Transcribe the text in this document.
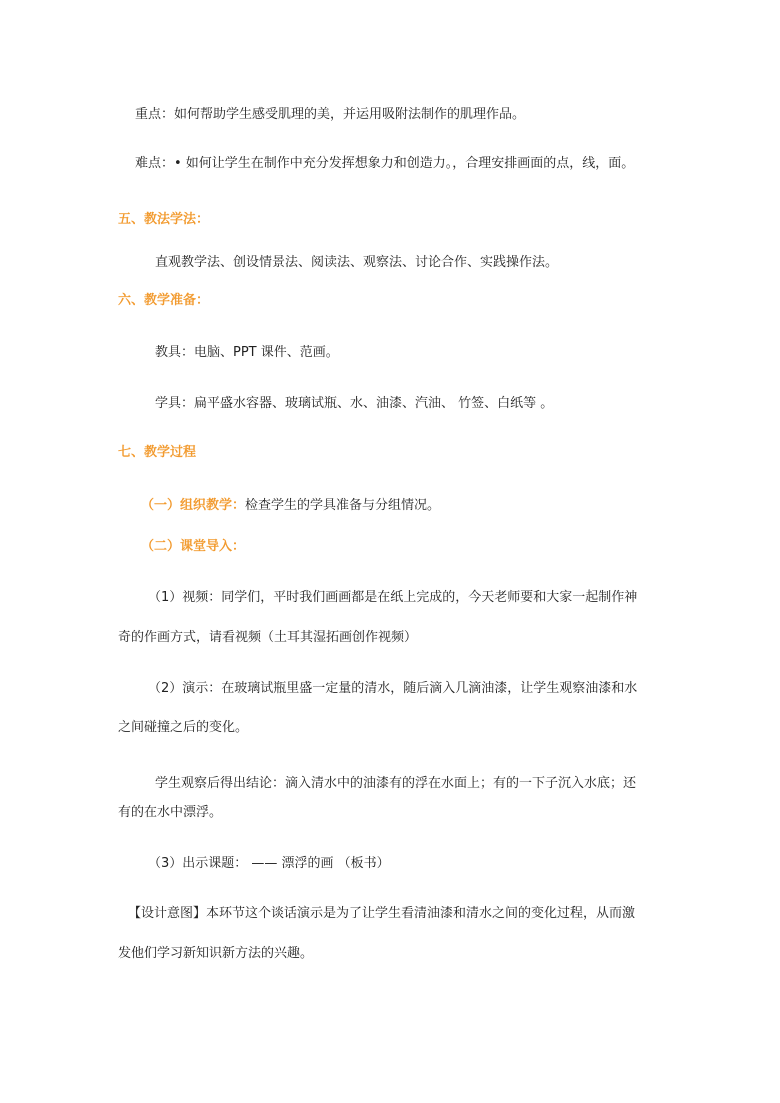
重点：如何帮助学生感受肌理的美，并运用吸附法制作的肌理作品。
难点：• 如何让学生在制作中充分发挥想象力和创造力。，合理安排画面的点，线，面。
五、教法学法：
直观教学法、创设情景法、阅读法、观察法、讨论合作、实践操作法。
六、教学准备：
教具：电脑、PPT 课件、范画。
学具：扁平盛水容器、玻璃试瓶、水、油漆、汽油、 竹签、白纸等 。
七、教学过程
（一）组织教学：检查学生的学具准备与分组情况。
（二）课堂导入：
（1）视频：同学们，平时我们画画都是在纸上完成的，今天老师要和大家一起制作神
奇的作画方式，请看视频（土耳其湿拓画创作视频）
（2）演示：在玻璃试瓶里盛一定量的清水，随后滴入几滴油漆，让学生观察油漆和水
之间碰撞之后的变化。
学生观察后得出结论：滴入清水中的油漆有的浮在水面上；有的一下子沉入水底；还
有的在水中漂浮。
（3）出示课题： —— 漂浮的画 （板书）
【设计意图】本环节这个谈话演示是为了让学生看清油漆和清水之间的变化过程，从而激
发他们学习新知识新方法的兴趣。
